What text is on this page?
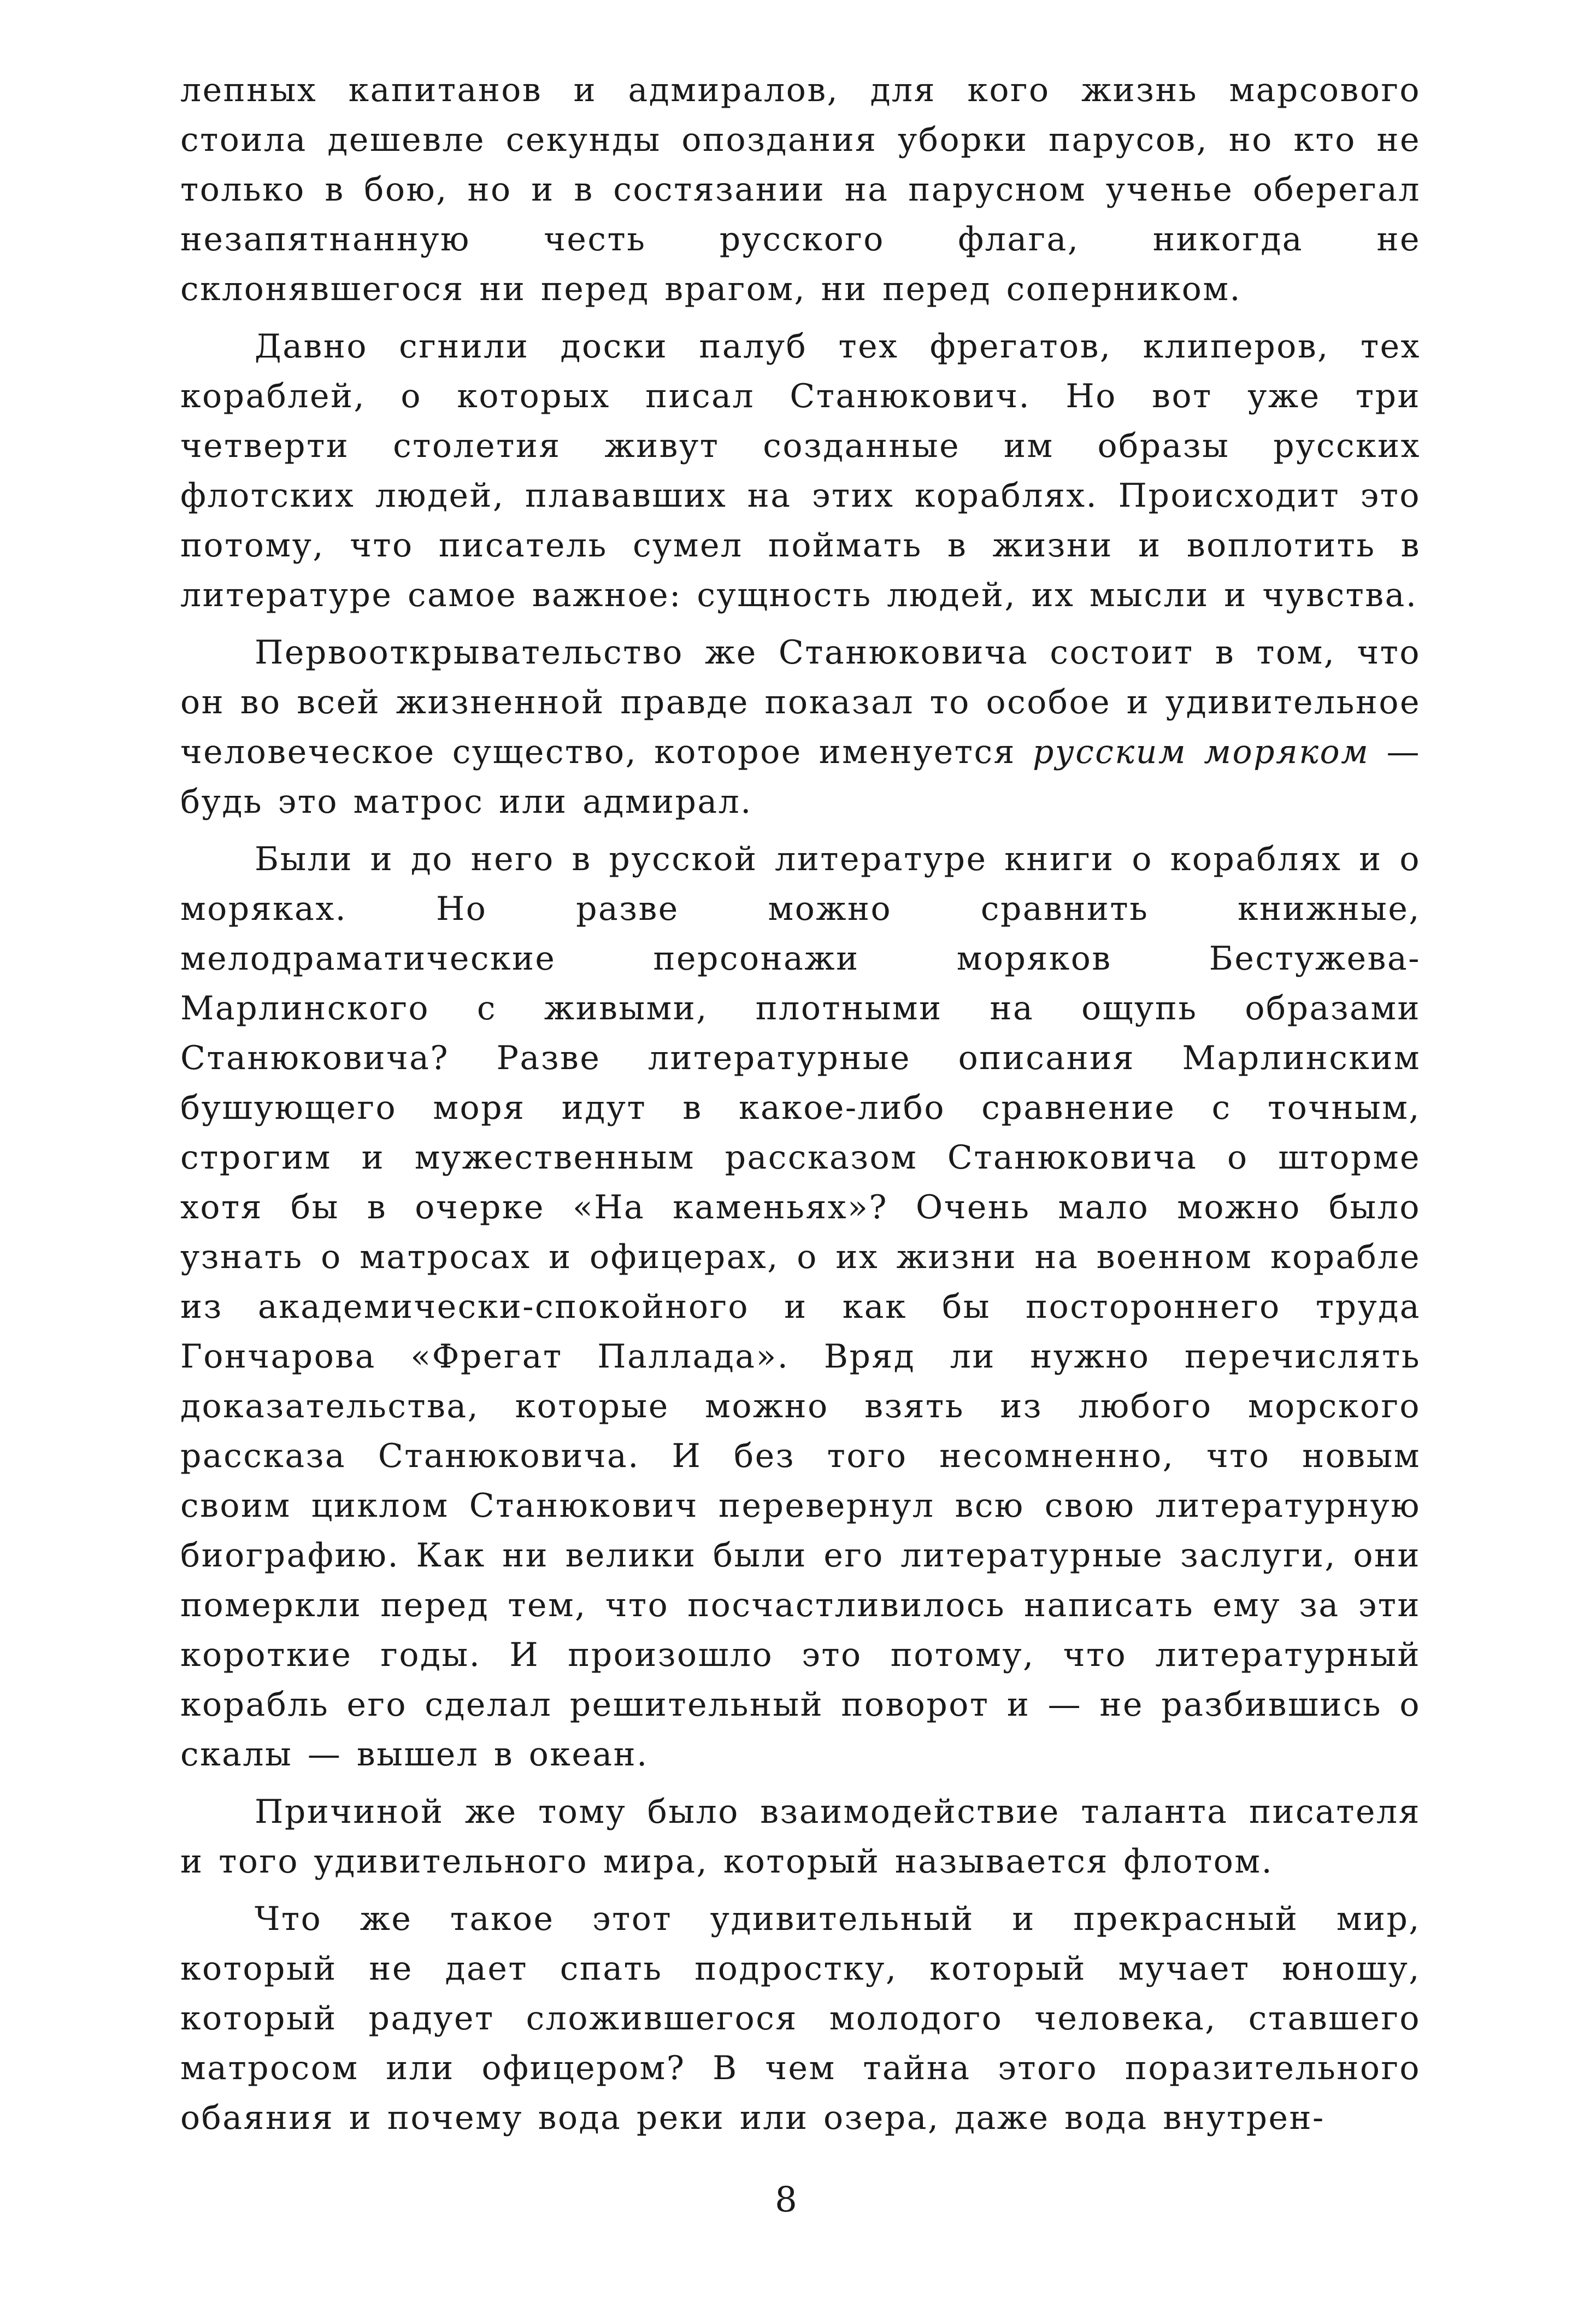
лепных капитанов и адмиралов, для кого жизнь марсового стоила дешевле секунды опоздания уборки парусов, но кто не только в бою, но и в состязании на парусном ученье оберегал незапятнанную честь русского флага, никогда не склонявшегося ни перед врагом, ни перед соперником.

Давно сгнили доски палуб тех фрегатов, клиперов, тех кораблей, о которых писал Станюкович. Но вот уже три четверти столетия живут созданные им образы русских флотских людей, плававших на этих кораблях. Происходит это потому, что писатель сумел поймать в жизни и воплотить в литературе самое важное: сущность людей, их мысли и чувства.

Первооткрывательство же Станюковича состоит в том, что он во всей жизненной правде показал то особое и удивительное человеческое существо, которое именуется русским моряком — будь это матрос или адмирал.

Были и до него в русской литературе книги о кораблях и о моряках. Но разве можно сравнить книжные, мелодраматические персонажи моряков Бестужева-Марлинского с живыми, плотными на ощупь образами Станюковича? Разве литературные описания Марлинским бушующего моря идут в какое-либо сравнение с точным, строгим и мужественным рассказом Станюковича о шторме хотя бы в очерке «На каменьях»? Очень мало можно было узнать о матросах и офицерах, о их жизни на военном корабле из академически-спокойного и как бы постороннего труда Гончарова «Фрегат Паллада». Вряд ли нужно перечислять доказательства, которые можно взять из любого морского рассказа Станюковича. И без того несомненно, что новым своим циклом Станюкович перевернул всю свою литературную биографию. Как ни велики были его литературные заслуги, они померкли перед тем, что посчастливилось написать ему за эти короткие годы. И произошло это потому, что литературный корабль его сделал решительный поворот и — не разбившись о скалы — вышел в океан.

Причиной же тому было взаимодействие таланта писателя и того удивительного мира, который называется флотом.

Что же такое этот удивительный и прекрасный мир, который не дает спать подростку, который мучает юношу, который радует сложившегося молодого человека, ставшего матросом или офицером? В чем тайна этого поразительного обаяния и почему вода реки или озера, даже вода внутрен-

8
